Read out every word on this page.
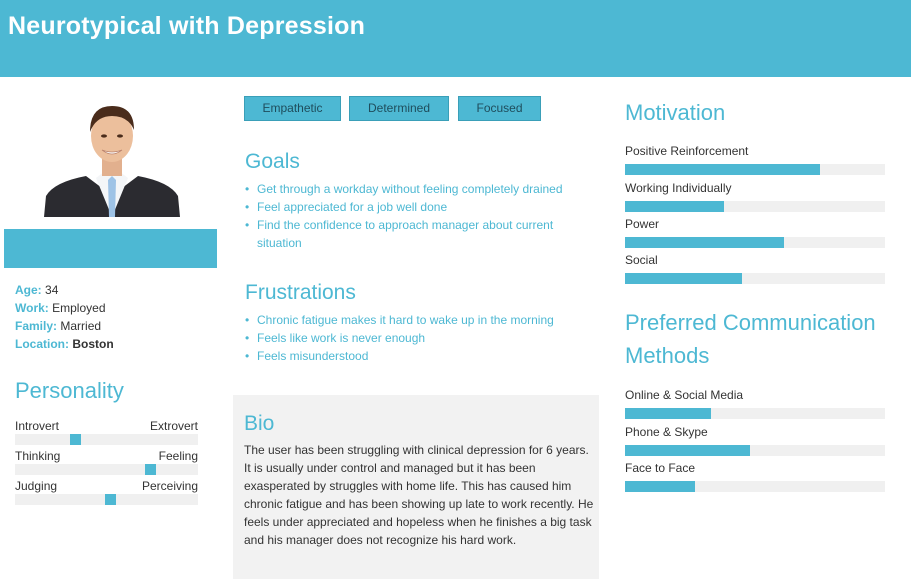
Neurotypical with Depression
Age: 34
Work: Employed
Family: Married
Location: Boston
Personality
Introvert	Extrovert
Thinking	Feeling
Judging	Perceiving
Empathetic	Determined	Focused
Goals
• Get through a workday without feeling completely drained
• Feel appreciated for a job well done
• Find the confidence to approach manager about current situation
Frustrations
• Chronic fatigue makes it hard to wake up in the morning
• Feels like work is never enough
• Feels misunderstood
Bio
The user has been struggling with clinical depression for 6 years. It is usually under control and managed but it has been exasperated by struggles with home life. This has caused him chronic fatigue and has been showing up late to work recently. He feels under appreciated and hopeless when he finishes a big task and his manager does not recognize his hard work.
Motivation
Positive Reinforcement
Working Individually
Power
Social
Preferred Communication Methods
Online & Social Media
Phone & Skype
Face to Face
